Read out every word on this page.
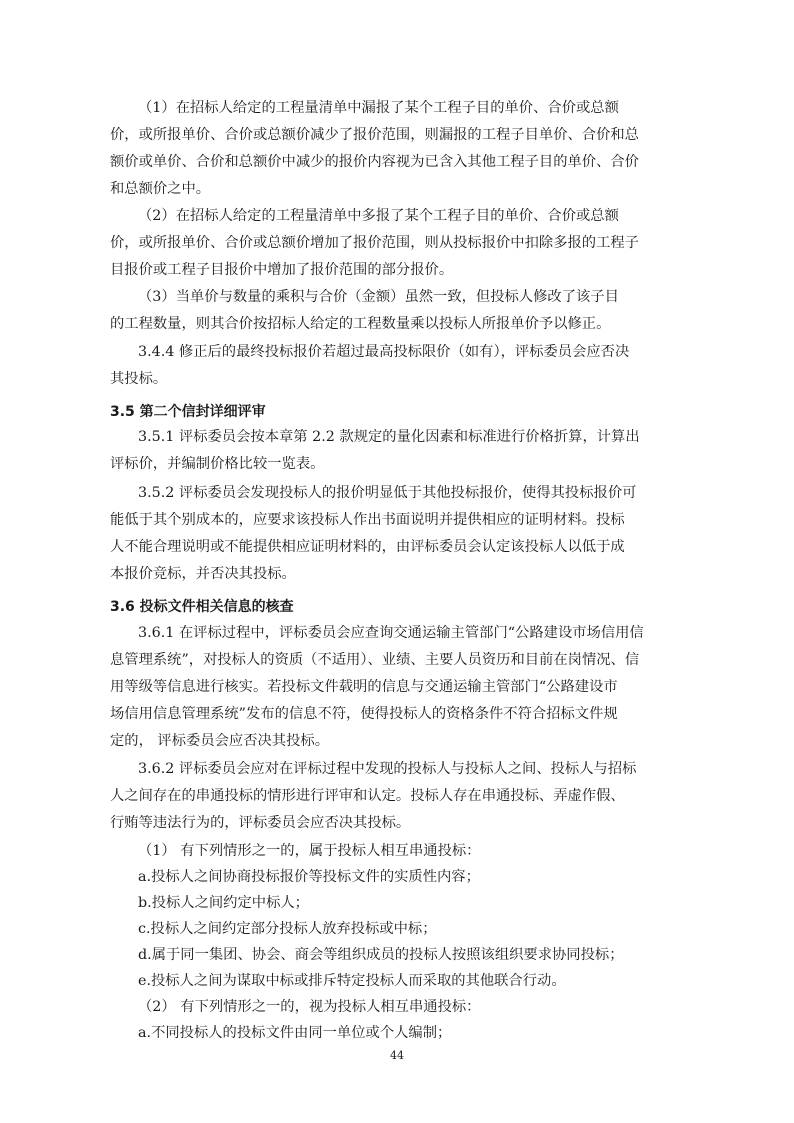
（1）在招标人给定的工程量清单中漏报了某个工程子目的单价、合价或总额
价，或所报单价、合价或总额价减少了报价范围，则漏报的工程子目单价、合价和总
额价或单价、合价和总额价中减少的报价内容视为已含入其他工程子目的单价、合价
和总额价之中。
（2）在招标人给定的工程量清单中多报了某个工程子目的单价、合价或总额
价，或所报单价、合价或总额价增加了报价范围，则从投标报价中扣除多报的工程子
目报价或工程子目报价中增加了报价范围的部分报价。
（3）当单价与数量的乘积与合价（金额）虽然一致，但投标人修改了该子目
的工程数量，则其合价按招标人给定的工程数量乘以投标人所报单价予以修正。
3.4.4 修正后的最终投标报价若超过最高投标限价（如有），评标委员会应否决
其投标。
3.5 第二个信封详细评审
3.5.1 评标委员会按本章第 2.2 款规定的量化因素和标准进行价格折算，计算出
评标价，并编制价格比较一览表。
3.5.2 评标委员会发现投标人的报价明显低于其他投标报价，使得其投标报价可
能低于其个别成本的，应要求该投标人作出书面说明并提供相应的证明材料。投标
人不能合理说明或不能提供相应证明材料的，由评标委员会认定该投标人以低于成
本报价竞标，并否决其投标。
3.6 投标文件相关信息的核查
3.6.1 在评标过程中，评标委员会应查询交通运输主管部门“公路建设市场信用信
息管理系统”，对投标人的资质（不适用）、业绩、主要人员资历和目前在岗情况、信
用等级等信息进行核实。若投标文件载明的信息与交通运输主管部门“公路建设市
场信用信息管理系统”发布的信息不符，使得投标人的资格条件不符合招标文件规
定的， 评标委员会应否决其投标。
3.6.2 评标委员会应对在评标过程中发现的投标人与投标人之间、投标人与招标
人之间存在的串通投标的情形进行评审和认定。投标人存在串通投标、弄虚作假、
行贿等违法行为的，评标委员会应否决其投标。
（1） 有下列情形之一的，属于投标人相互串通投标：
a.投标人之间协商投标报价等投标文件的实质性内容；
b.投标人之间约定中标人；
c.投标人之间约定部分投标人放弃投标或中标；
d.属于同一集团、协会、商会等组织成员的投标人按照该组织要求协同投标；
e.投标人之间为谋取中标或排斥特定投标人而采取的其他联合行动。
（2） 有下列情形之一的，视为投标人相互串通投标：
a.不同投标人的投标文件由同一单位或个人编制；
44
